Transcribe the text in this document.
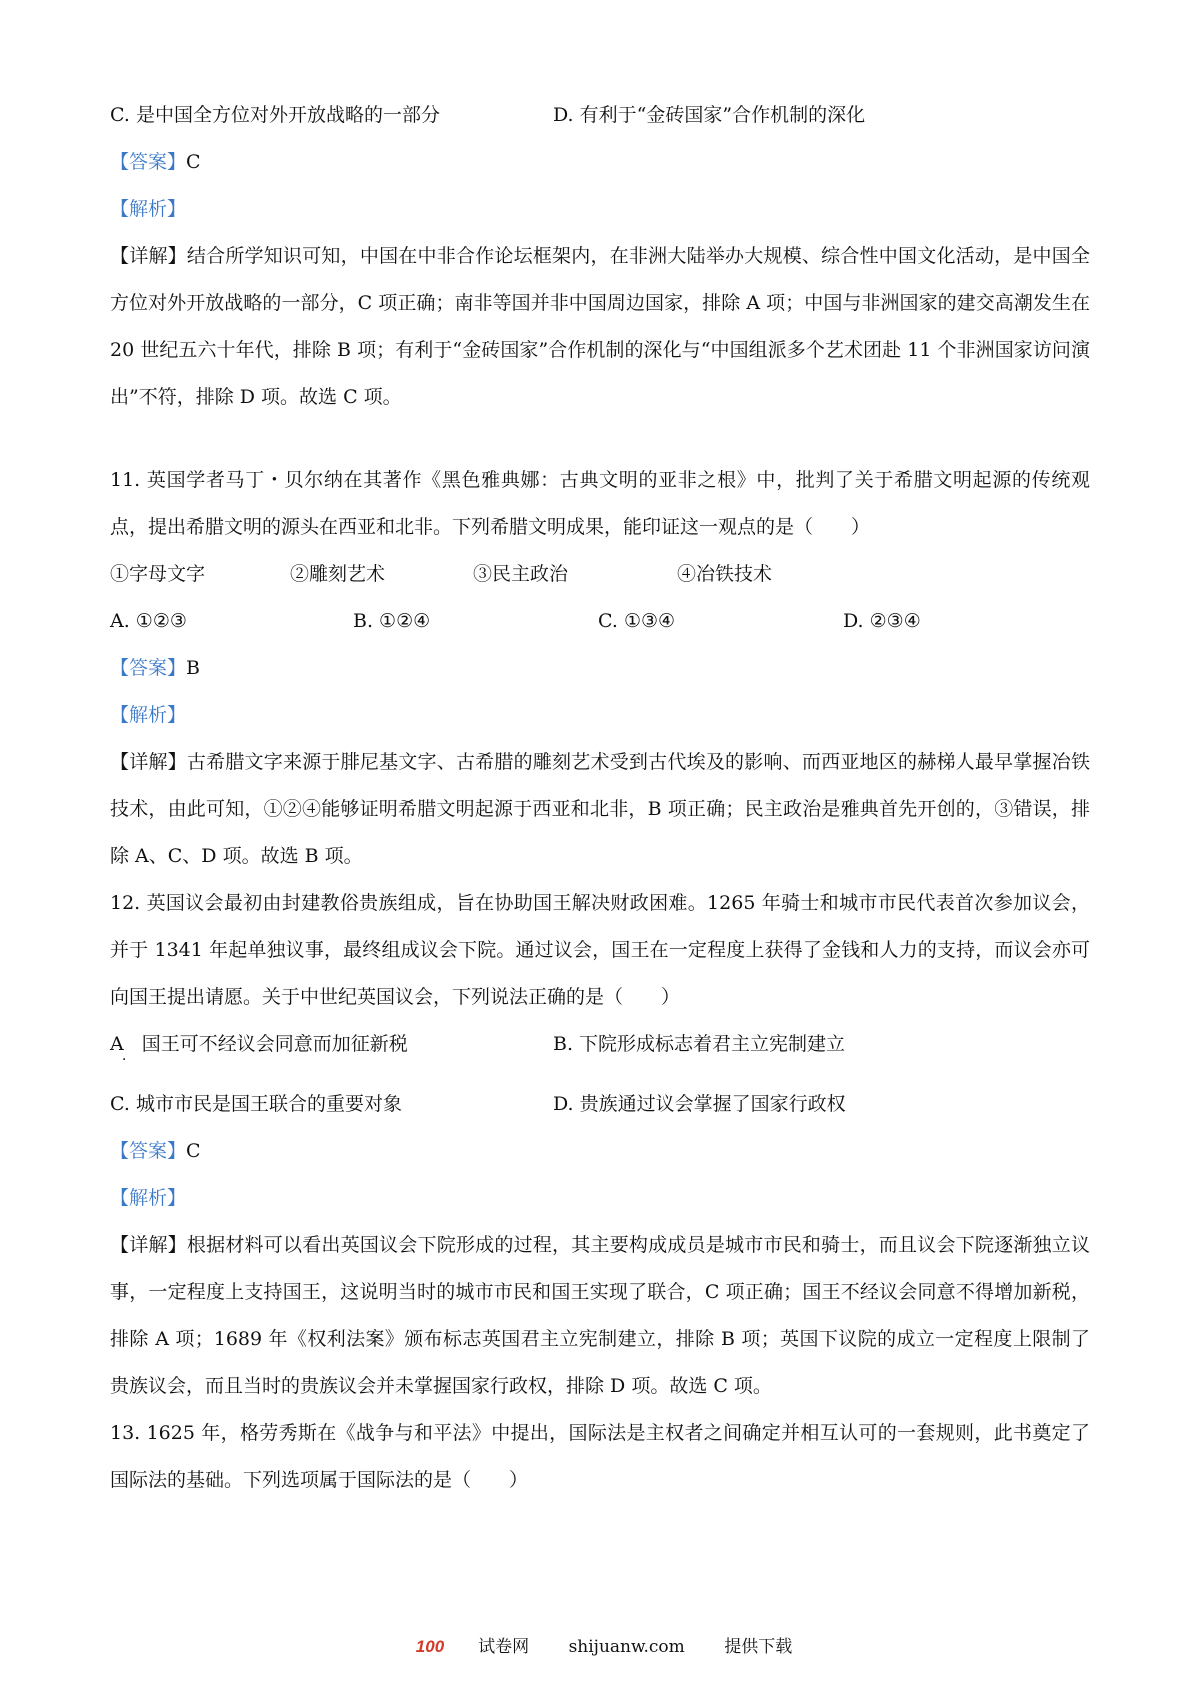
C. 是中国全方位对外开放战略的一部分	D. 有利于“金砖国家”合作机制的深化
【答案】C
【解析】
【详解】结合所学知识可知，中国在中非合作论坛框架内，在非洲大陆举办大规模、综合性中国文化活动，是中国全方位对外开放战略的一部分，C 项正确；南非等国并非中国周边国家，排除 A 项；中国与非洲国家的建交高潮发生在 20 世纪五六十年代，排除 B 项；有利于“金砖国家”合作机制的深化与“中国组派多个艺术团赴 11 个非洲国家访问演出”不符，排除 D 项。故选 C 项。
11. 英国学者马丁・贝尔纳在其著作《黑色雅典娜：古典文明的亚非之根》中，批判了关于希腊文明起源的传统观点，提出希腊文明的源头在西亚和北非。下列希腊文明成果，能印证这一观点的是（　　）
①字母文字	②雕刻艺术	③民主政治	④冶铁技术
A. ①②③	B. ①②④	C. ①③④	D. ②③④
【答案】B
【解析】
【详解】古希腊文字来源于腓尼基文字、古希腊的雕刻艺术受到古代埃及的影响、而西亚地区的赫梯人最早掌握冶铁技术，由此可知，①②④能够证明希腊文明起源于西亚和北非，B 项正确；民主政治是雅典首先开创的，③错误，排除 A、C、D 项。故选 B 项。
12. 英国议会最初由封建教俗贵族组成，旨在协助国王解决财政困难。1265 年骑士和城市市民代表首次参加议会，并于 1341 年起单独议事，最终组成议会下院。通过议会，国王在一定程度上获得了金钱和人力的支持，而议会亦可向国王提出请愿。关于中世纪英国议会，下列说法正确的是（　　）
A
．
国王可不经议会同意而加征新税	B. 下院形成标志着君主立宪制建立
C. 城市市民是国王联合的重要对象	D. 贵族通过议会掌握了国家行政权
【答案】C
【解析】
【详解】根据材料可以看出英国议会下院形成的过程，其主要构成成员是城市市民和骑士，而且议会下院逐渐独立议事，一定程度上支持国王，这说明当时的城市市民和国王实现了联合，C 项正确；国王不经议会同意不得增加新税，排除 A 项；1689 年《权利法案》颁布标志英国君主立宪制建立，排除 B 项；英国下议院的成立一定程度上限制了贵族议会，而且当时的贵族议会并未掌握国家行政权，排除 D 项。故选 C 项。
13. 1625 年，格劳秀斯在《战争与和平法》中提出，国际法是主权者之间确定并相互认可的一套规则，此书奠定了国际法的基础。下列选项属于国际法的是（　　）
100 试卷网 shijuanw.com 提供下载
